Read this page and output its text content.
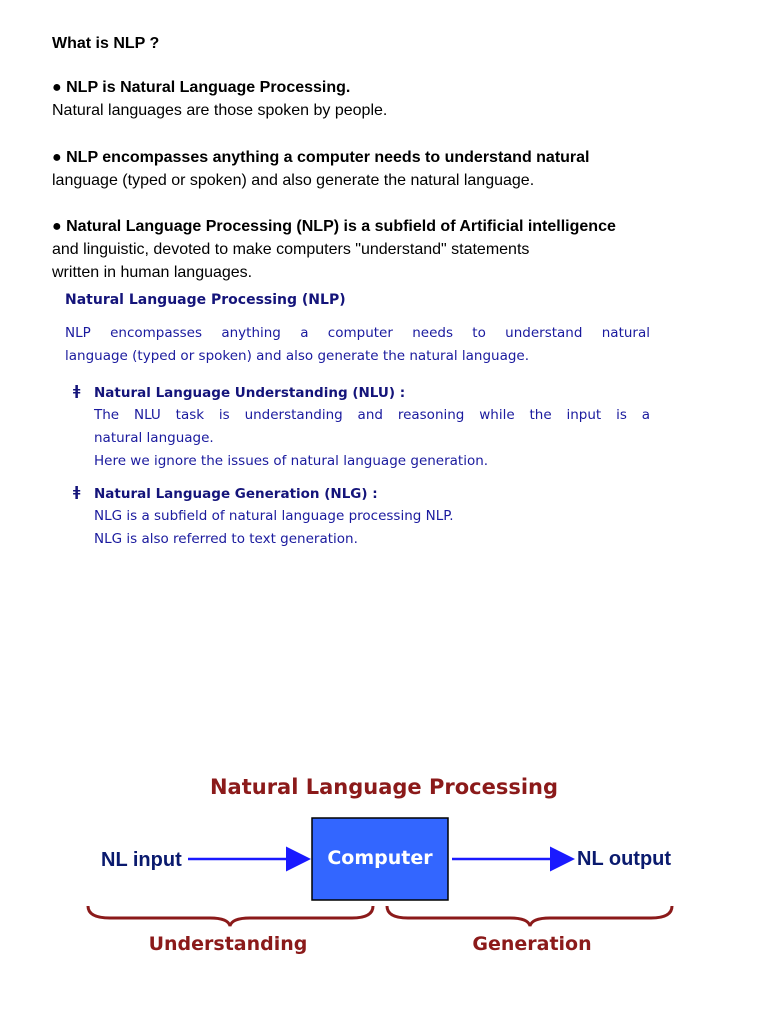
What is NLP ?
● NLP is Natural Language Processing.
Natural languages are those spoken by people.
● NLP encompasses anything a computer needs to understand natural
language (typed or spoken) and also generate the natural language.
● Natural Language Processing (NLP) is a subfield of Artificial intelligence
and linguistic, devoted to make computers "understand" statements
written in human languages.
Natural Language Processing (NLP)
NLP encompasses anything a computer needs to understand natural
language (typed or spoken) and also generate the natural language.
ǂ Natural Language Understanding (NLU) :
The NLU task is understanding and reasoning while the input is a
natural language.
Here we ignore the issues of natural language generation.
ǂ Natural Language Generation (NLG) :
NLG is a subfield of natural language processing NLP.
NLG is also referred to text generation.
Natural Language Processing
NL input	Computer	NL output
Understanding	Generation
